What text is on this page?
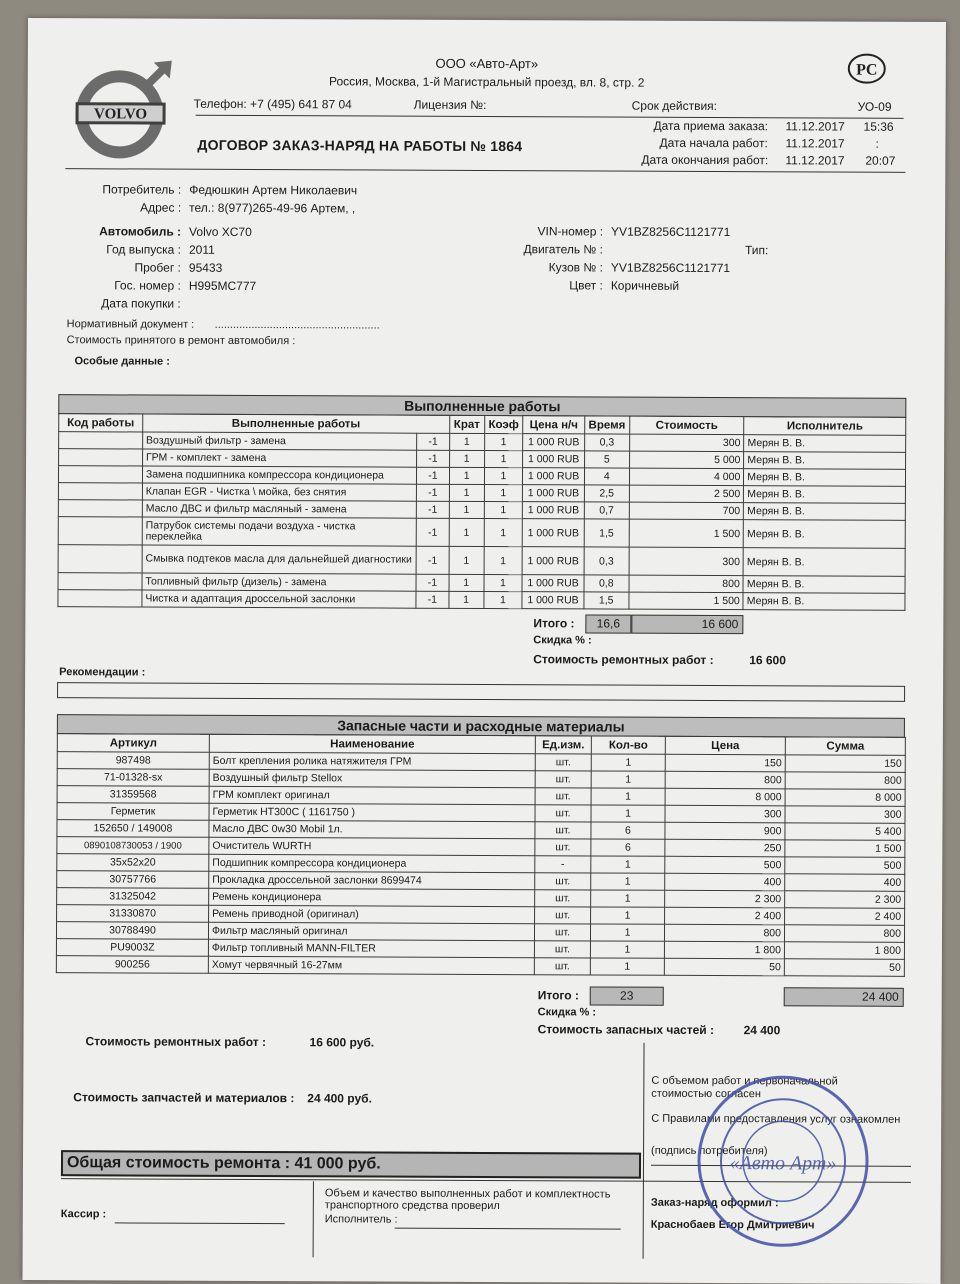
VOLVO
PC
ООО «Авто-Арт»
Россия, Москва, 1-й Магистральный проезд, вл. 8, стр. 2
Телефон: +7 (495) 641 87 04	Лицензия №:	Срок действия:	УО-09
Дата приема заказа: 11.12.2017 15:36
Дата начала работ: 11.12.2017	:
Дата окончания работ: 11.12.2017 20:07
ДОГОВОР ЗАКАЗ-НАРЯД НА РАБОТЫ № 1864
Потребитель : Федюшкин Артем Николаевич
Адрес : тел.: 8(977)265-49-96 Артем, ,
Автомобиль : Volvo XC70
Год выпуска : 2011
Пробег : 95433
Гос. номер : Н995МС777
Дата покупки :
VIN-номер : YV1BZ8256C1121771
Двигатель № :	Тип:
Кузов № : YV1BZ8256C1121771
Цвет : Коричневый
Нормативный документ : ......................................................
Стоимость принятого в ремонт автомобиля :
Особые данные :
Выполненные работы
Код работы	Выполненные работы		Крат	Коэф	Цена н/ч	Время	Стоимость	Исполнитель
	Воздушный фильтр - замена	-1	1	1	1 000 RUB	0,3	300	Мерян В. В.
	ГРМ - комплект - замена	-1	1	1	1 000 RUB	5	5 000	Мерян В. В.
	Замена подшипника компрессора кондиционера	-1	1	1	1 000 RUB	4	4 000	Мерян В. В.
	Клапан EGR - Чистка \ мойка, без снятия	-1	1	1	1 000 RUB	2,5	2 500	Мерян В. В.
	Масло ДВС и фильтр масляный - замена	-1	1	1	1 000 RUB	0,7	700	Мерян В. В.
	Патрубок системы подачи воздуха - чистка переклейка	-1	1	1	1 000 RUB	1,5	1 500	Мерян В. В.
	Смывка подтеков масла для дальнейшей диагностики	-1	1	1	1 000 RUB	0,3	300	Мерян В. В.
	Топливный фильтр (дизель) - замена	-1	1	1	1 000 RUB	0,8	800	Мерян В. В.
	Чистка и адаптация дроссельной заслонки	-1	1	1	1 000 RUB	1,5	1 500	Мерян В. В.
Итого :	16,6	16 600
Скидка % :
Стоимость ремонтных работ :	16 600
Рекомендации :
Запасные части и расходные материалы
Артикул	Наименование	Ед.изм.	Кол-во	Цена	Сумма
987498	Болт крепления ролика натяжителя ГРМ	шт.	1	150	150
71-01328-sx	Воздушный фильтр Stellox	шт.	1	800	800
31359568	ГРМ комплект оригинал	шт.	1	8 000	8 000
Герметик	Герметик НТ300С ( 1161750 )	шт.	1	300	300
152650 / 149008	Масло ДВС 0w30 Mobil 1л.	шт.	6	900	5 400
0890108730053 / 1900	Очиститель WURTH	шт.	6	250	1 500
35x52x20	Подшипник компрессора кондиционера	-	1	500	500
30757766	Прокладка дроссельной заслонки 8699474	шт.	1	400	400
31325042	Ремень кондиционера	шт.	1	2 300	2 300
31330870	Ремень приводной (оригинал)	шт.	1	2 400	2 400
30788490	Фильтр масляный оригинал	шт.	1	800	800
PU9003Z	Фильтр топливный MANN-FILTER	шт.	1	1 800	1 800
900256	Хомут червячный 16-27мм	шт.	1	50	50
Итого :	23	24 400
Скидка % :
Стоимость запасных частей : 24 400
Стоимость ремонтных работ :	16 600 руб.
Стоимость запчастей и материалов : 24 400 руб.
Общая стоимость ремонта : 41 000 руб.
С объемом работ и первоначальной стоимостью согласен
С Правилами предоставления услуг ознакомлен
(подпись потребителя)
Кассир :
Объем и качество выполненных работ и комплектность транспортного средства проверил
Исполнитель :
Заказ-наряд оформил :
Краснобаев Егор Дмитриевич
«Авто Арт»
